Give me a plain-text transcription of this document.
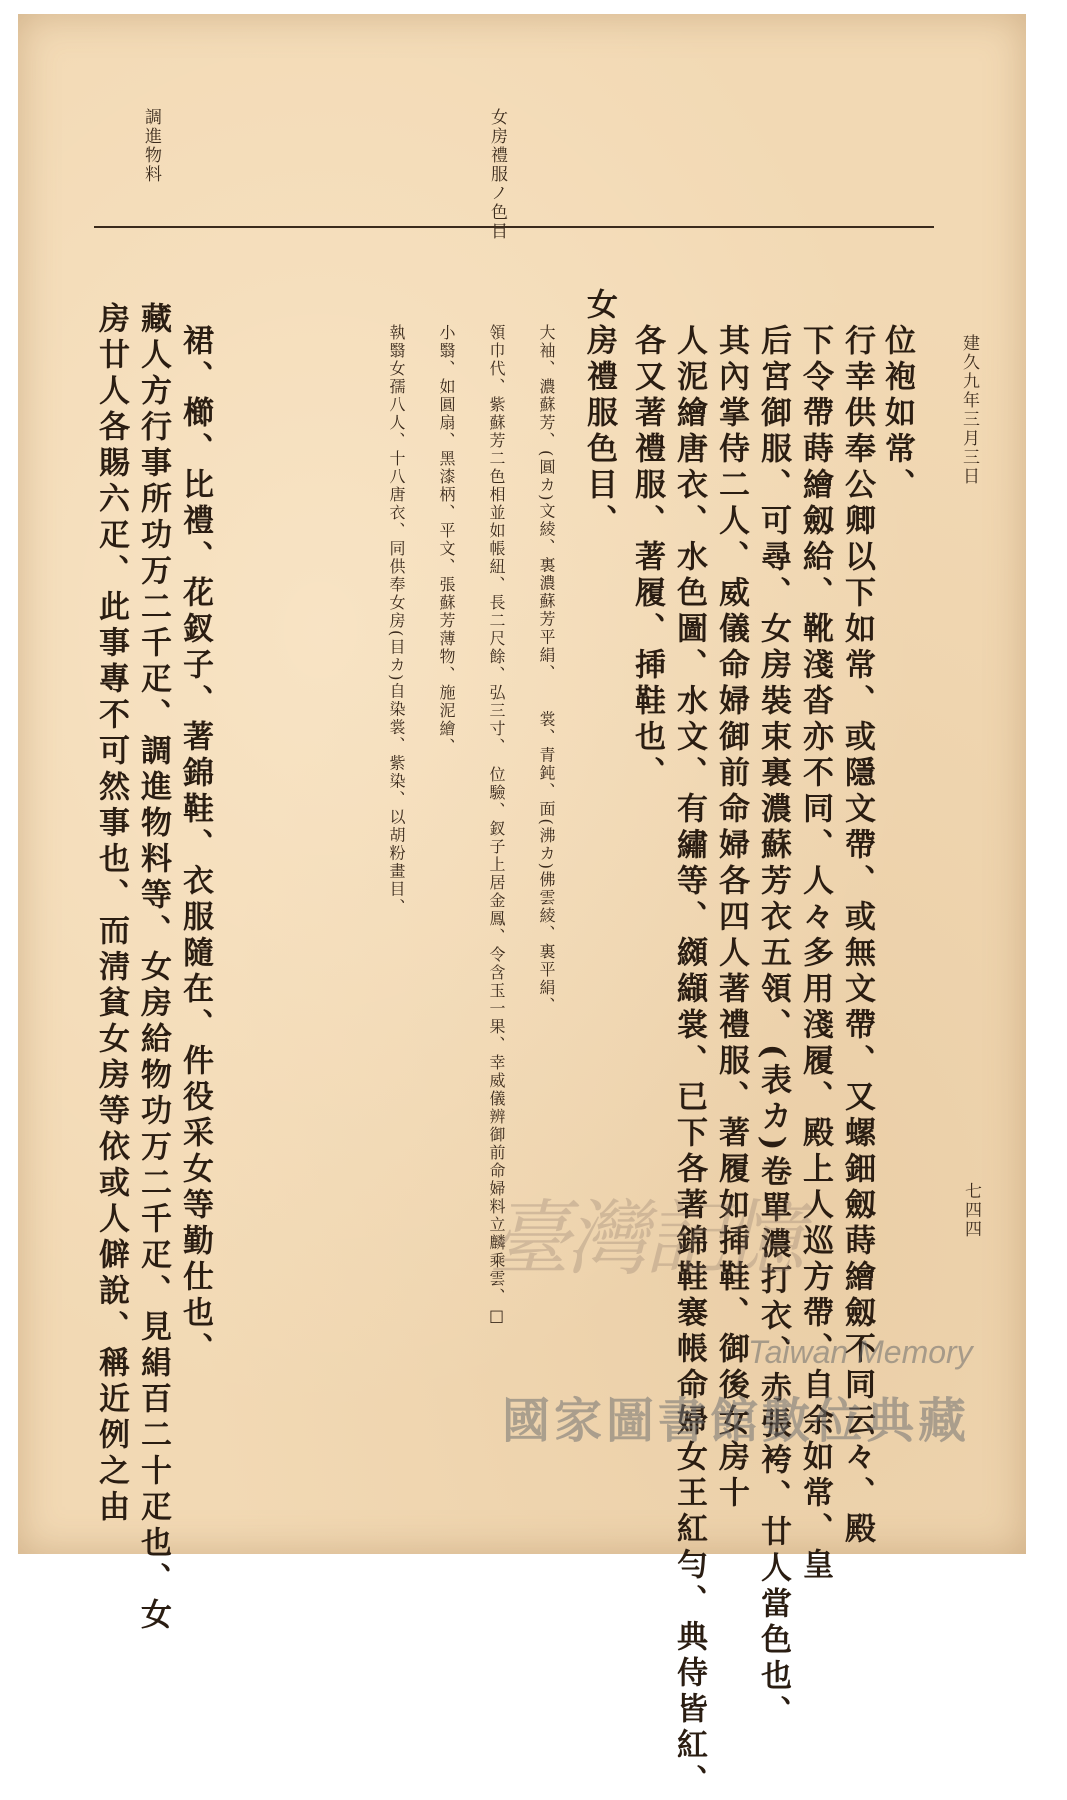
建久九年三月三日
七四四
女房禮服ノ色目
調進物料
位袍如常、
行幸供奉公卿以下如常、或隱文帶、或無文帶、又螺鈿劔蒔繪劔不同云々、殿
下令帶蒔繪劔給、靴淺沓亦不同、人々多用淺履、殿上人巡方帶、自余如常、皇
后宮御服、可尋、女房裝束裏濃蘇芳衣五領、(表カ)卷單濃打衣、赤張袴、廿人當色也、
其內掌侍二人、威儀命婦御前命婦各四人著禮服、著履如揷鞋、御後女房十
人泥繪唐衣、水色圖、水文、有繡等、纐纈裳、已下各著錦鞋褰帳命婦女王紅勻、典侍皆紅、
各又著禮服、著履、揷鞋也、
女房禮服色目、
大袖、濃蘇芳、(圓カ)文綾、裏濃蘇芳平絹、　　裳、青鈍、面(沸カ)佛雲綾、裏平絹、
領巾代、紫蘇芳二色相並如帳紐、長二尺餘、弘三寸、　位驗、釵子上居金鳳、令含玉一果、幸威儀辨御前命婦料立麟乘雲、□
小翳、如圓扇、黑漆柄、平文、張蘇芳薄物、施泥繪、
執翳女孺八人、十八唐衣、同供奉女房(目カ)自染裳、紫染、以胡粉畫目、
裙、櫛、比禮、花釵子、著錦鞋、衣服隨在、件役采女等勤仕也、
藏人方行事所功万二千疋、調進物料等、女房給物功万二千疋、見絹百二十疋也、女
房廿人各賜六疋、此事專不可然事也、而淸貧女房等依或人僻說、稱近例之由	臺灣記憶
Taiwan Memory
國家圖書館數位典藏
